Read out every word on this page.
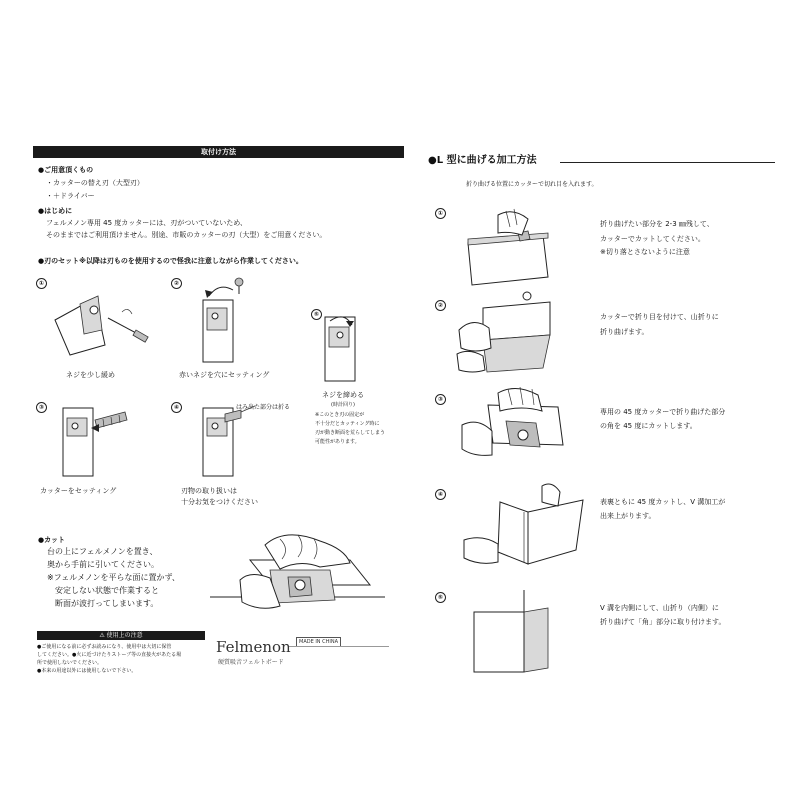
取付け方法
●ご用意頂くもの
・カッターの替え刃（大型刃）
・＋ドライバー
●はじめに
フェルメノン専用 45 度カッターには、刃がついていないため、
そのままではご利用頂けません。別途、市販のカッターの刃（大型）をご用意ください。
●刃のセット※以降は刃ものを使用するので怪我に注意しながら作業してください。
①
ネジを少し緩め
②
赤いネジを穴にセッティング
⑤
ネジを締める
(時計回り)
※このとき刃の固定が
不十分だとカッティング時に
刃が動き断面を荒らしてしまう
可能性があります。
③
カッターをセッティング
④	はみ出た部分は折る
刃物の取り扱いは
十分お気をつけください
●カット
台の上にフェルメノンを置き、
奥から手前に引いてください。
※フェルメノンを平らな面に置かず、
　安定しない状態で作業すると
　断面が波打ってしまいます。
⚠ 使用上の注意
●ご使用になる前に必ずお読みになり、使用中は大切に保管
してください。●火に近づけたりストーブ等の直接火があたる場
所で使用しないでください。
●本来の用途以外には使用しないで下さい。
Felmenon
硬質吸音フェルトボード
MADE IN CHINA
●L 型に曲げる加工方法
折り曲げる位置にカッターで切れ目を入れます。
①
折り曲げたい部分を 2-3 ㎜残して、
カッターでカットしてください。
※切り落とさないように注意
②
カッターで折り目を付けて、山折りに
折り曲げます。
③
専用の 45 度カッターで折り曲げた部分
の角を 45 度にカットします。
④
表裏ともに 45 度カットし、V 溝加工が
出来上がります。
⑤
V 溝を内側にして、山折り（内側）に
折り曲げて「角」部分に取り付けます。
